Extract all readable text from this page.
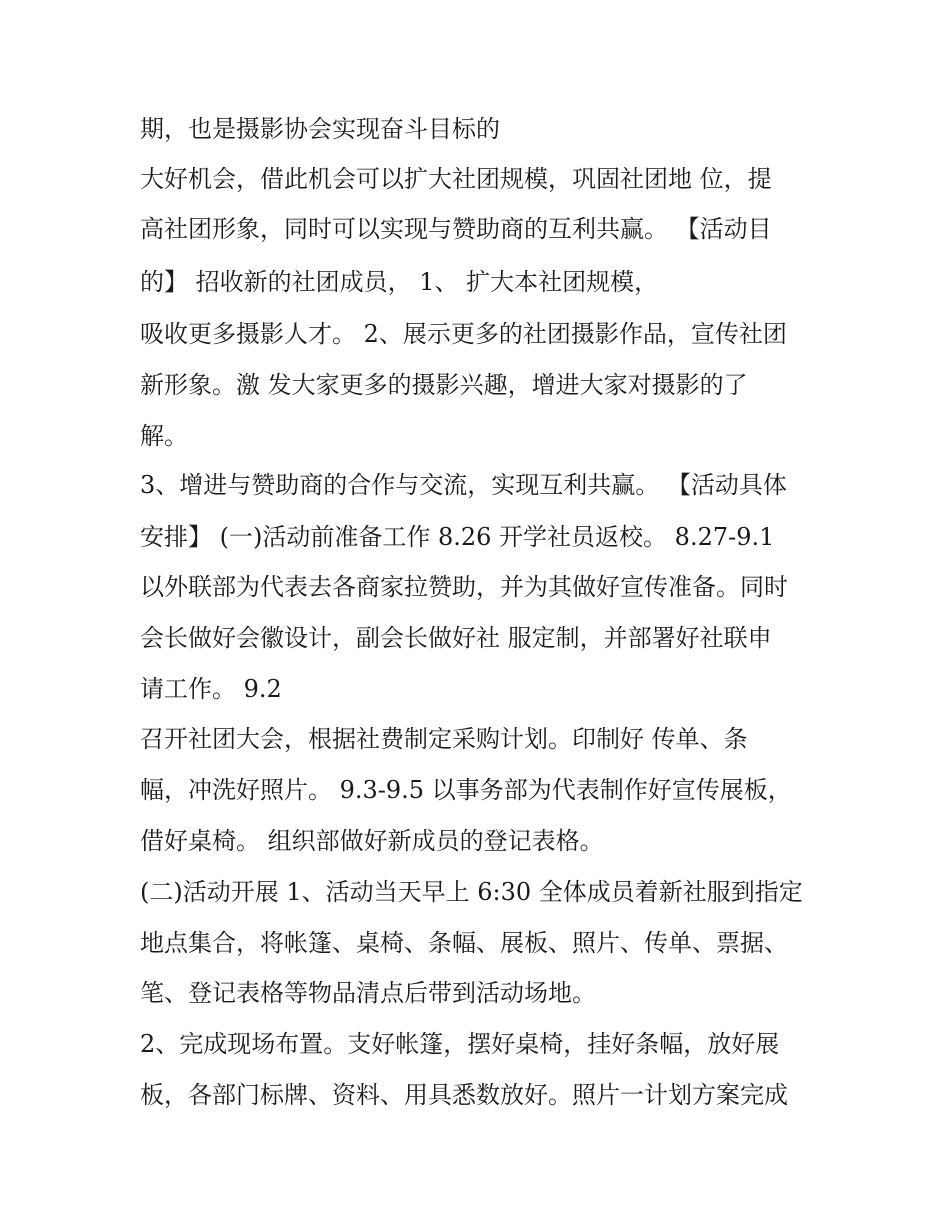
期，也是摄影协会实现奋斗目标的

大好机会，借此机会可以扩大社团规模，巩固社团地 位，提

高社团形象，同时可以实现与赞助商的互利共赢。 【活动目

的】 招收新的社团成员， 1、 扩大本社团规模，

吸收更多摄影人才。 2、展示更多的社团摄影作品，宣传社团

新形象。激 发大家更多的摄影兴趣，增进大家对摄影的了

解。

3、增进与赞助商的合作与交流，实现互利共赢。 【活动具体

安排】 (一)活动前准备工作 8.26 开学社员返校。 8.27-9.1

以外联部为代表去各商家拉赞助，并为其做好宣传准备。同时

会长做好会徽设计，副会长做好社 服定制，并部署好社联申

请工作。 9.2

召开社团大会，根据社费制定采购计划。印制好 传单、条

幅，冲洗好照片。 9.3-9.5 以事务部为代表制作好宣传展板，

借好桌椅。 组织部做好新成员的登记表格。

(二)活动开展 1、活动当天早上 6:30 全体成员着新社服到指定

地点集合，将帐篷、桌椅、条幅、展板、照片、传单、票据、

笔、登记表格等物品清点后带到活动场地。

2、完成现场布置。支好帐篷，摆好桌椅，挂好条幅，放好展

板，各部门标牌、资料、用具悉数放好。照片一计划方案完成
